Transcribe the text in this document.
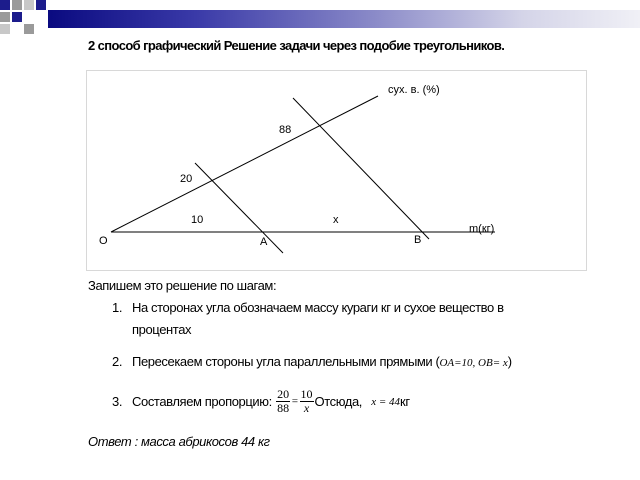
2 способ графический Решение задачи через подобие треугольников.
сух. в. (%)
88
20
10	x
m(кг)
O	A	B
Запишем это решение по шагам:
1. На сторонах угла обозначаем массу кураги кг и сухое вещество в
процентах
2. Пересекаем стороны угла параллельными прямыми (OA=10, OB= x)
3. Составляем пропорцию: $\frac{20}{88} = \frac{10}{x}$ Отсюда, x = 44кг
Ответ : масса абрикосов 44 кг
